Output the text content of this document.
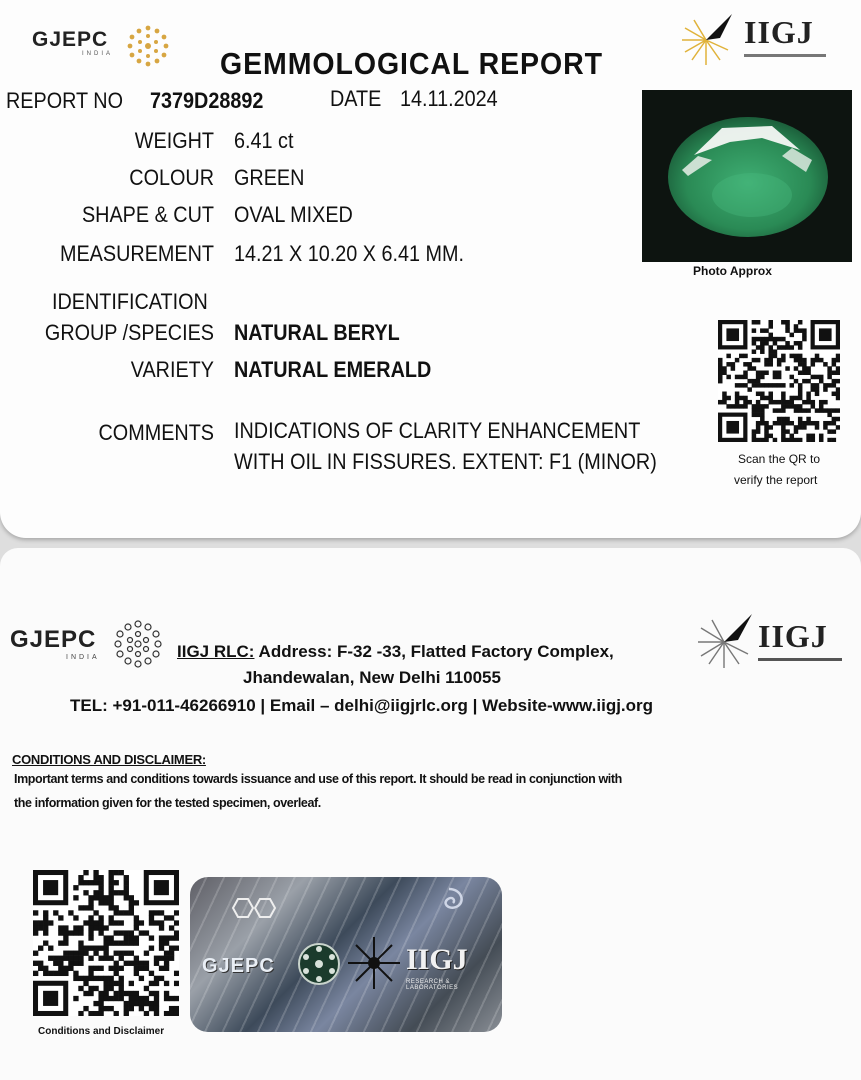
GJEPC
INDIA
IIGJ
GEMMOLOGICAL REPORT
REPORT NO 7379D28892	DATE 14.11.2024
WEIGHT 6.41 ct
COLOUR GREEN
SHAPE & CUT OVAL MIXED
MEASUREMENT 14.21 X 10.20 X 6.41 MM.
IDENTIFICATION
GROUP /SPECIES NATURAL BERYL
VARIETY NATURAL EMERALD
COMMENTS INDICATIONS OF CLARITY ENHANCEMENT
WITH OIL IN FISSURES. EXTENT: F1 (MINOR)
Photo Approx
Scan the QR to
verify the report
GJEPC
INDIA
IIGJ
IIGJ RLC: Address: F-32 -33, Flatted Factory Complex,
Jhandewalan, New Delhi 110055
TEL: +91-011-46266910 | Email – delhi@iigjrlc.org | Website-www.iigj.org
CONDITIONS AND DISCLAIMER:
Important terms and conditions towards issuance and use of this report. It should be read in conjunction with
the information given for the tested specimen, overleaf.
Conditions and Disclaimer
GJEPC	IIGJ
RESEARCH & LABORATORIES
